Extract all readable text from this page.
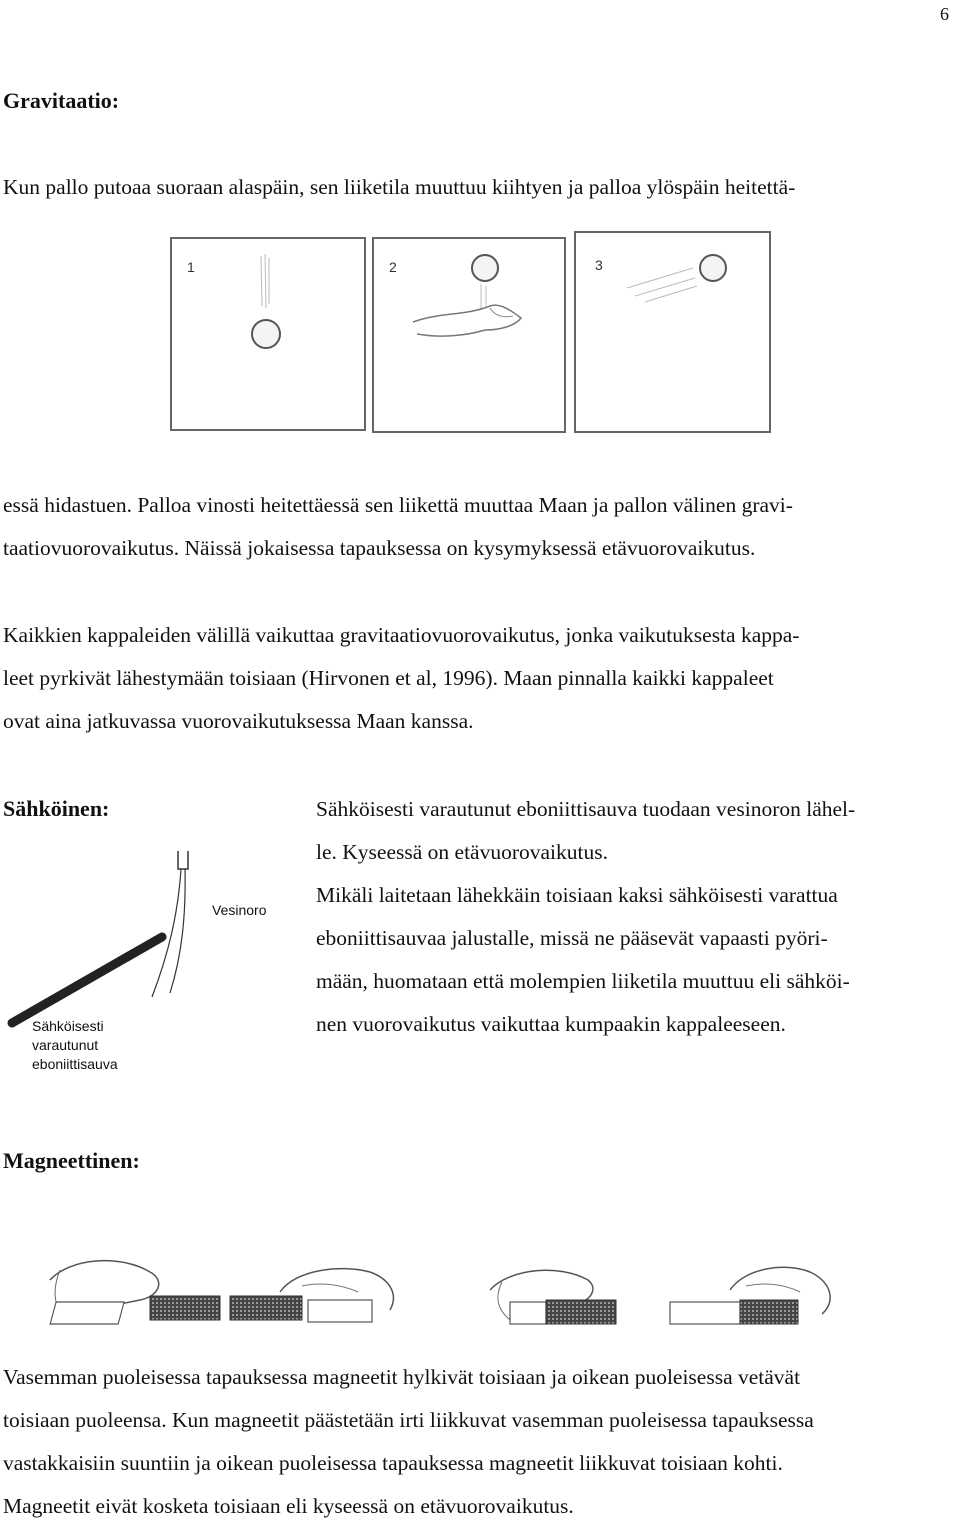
6
Gravitaatio:
Kun pallo putoaa suoraan alaspäin, sen liiketila muuttuu kiihtyen ja palloa ylöspäin heitettä-
1	2	3
essä hidastuen. Palloa vinosti heitettäessä sen liikettä muuttaa Maan ja pallon välinen gravi-
taatiovuorovaikutus. Näissä jokaisessa tapauksessa on kysymyksessä etävuorovaikutus.
Kaikkien kappaleiden välillä vaikuttaa gravitaatiovuorovaikutus, jonka vaikutuksesta kappa-
leet pyrkivät lähestymään toisiaan (Hirvonen et al, 1996). Maan pinnalla kaikki kappaleet
ovat aina jatkuvassa vuorovaikutuksessa Maan kanssa.
Sähköinen:
Vesinoro
Sähköisesti
varautunut
eboniittisauva
Sähköisesti varautunut eboniittisauva tuodaan vesinoron lähel-
le. Kyseessä on etävuorovaikutus.
Mikäli laitetaan lähekkäin toisiaan kaksi sähköisesti varattua
eboniittisauvaa jalustalle, missä ne pääsevät vapaasti pyöri-
mään, huomataan että molempien liiketila muuttuu eli sähköi-
nen vuorovaikutus vaikuttaa kumpaakin kappaleeseen.
Magneettinen:
Vasemman puoleisessa tapauksessa magneetit hylkivät toisiaan ja oikean puoleisessa vetävät
toisiaan puoleensa. Kun magneetit päästetään irti liikkuvat vasemman puoleisessa tapauksessa
vastakkaisiin suuntiin ja oikean puoleisessa tapauksessa magneetit liikkuvat toisiaan kohti.
Magneetit eivät kosketa toisiaan eli kyseessä on etävuorovaikutus.
